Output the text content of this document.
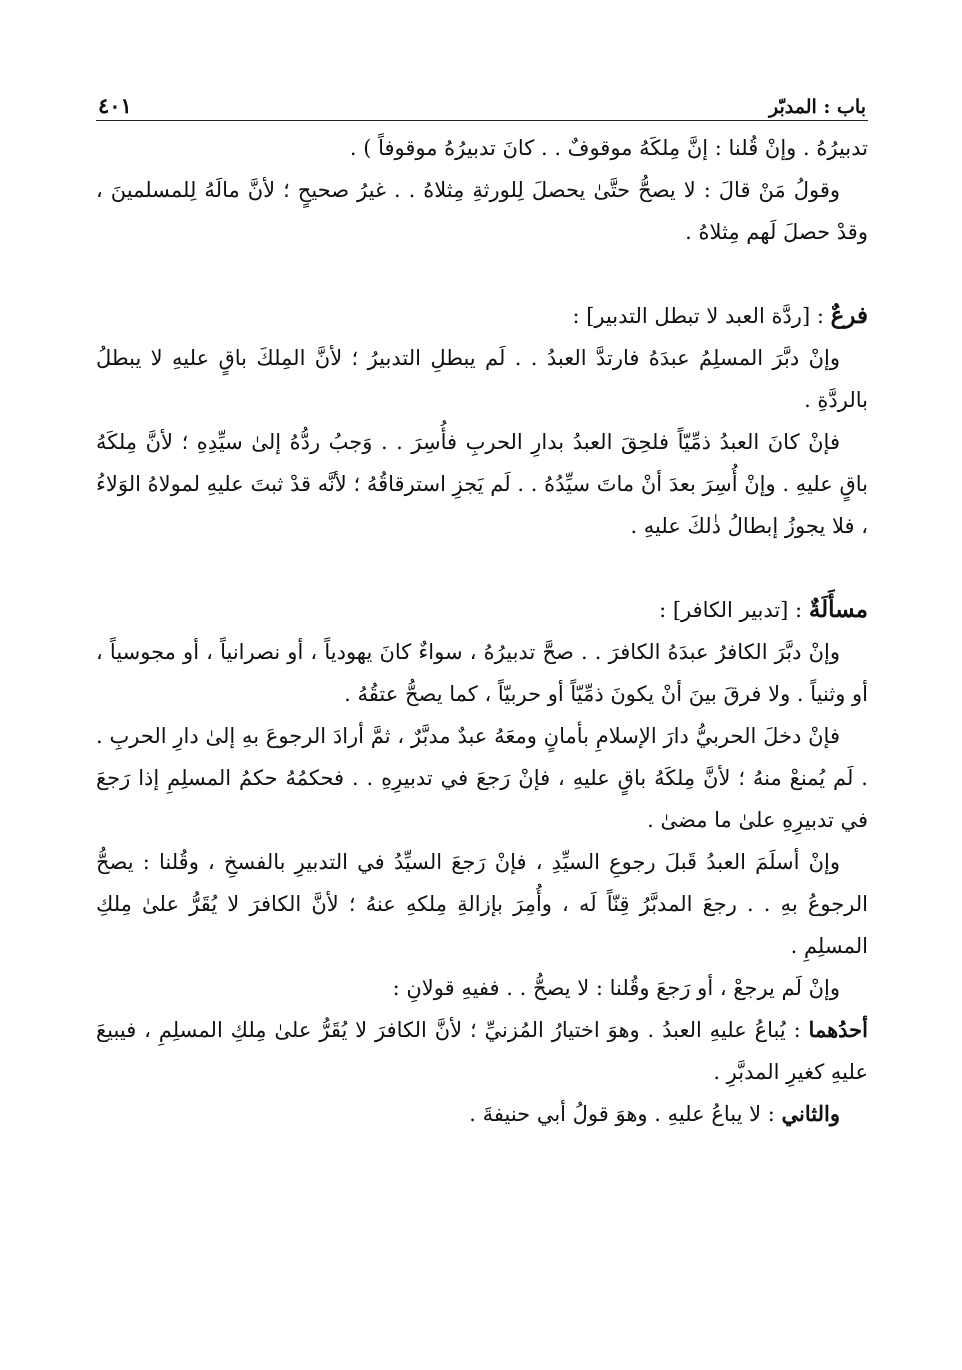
باب : المدبّر
٤٠١

تدبيرُهُ . وإنْ قُلنا : إنَّ مِلكَهُ موقوفٌ . . كانَ تدبيرُهُ موقوفاً ) .

وقولُ مَنْ قالَ : لا يصحُّ حتَّىٰ يحصلَ لِلورثةِ مِثلاهُ . . غيرُ صحيحٍ ؛ لأنَّ مالَهُ لِلمسلمينَ ، وقدْ حصلَ لَهم مِثلاهُ .

فرعٌ : [ردَّة العبد لا تبطل التدبير] :

وإنْ دبَّرَ المسلِمُ عبدَهُ فارتدَّ العبدُ . . لَم يبطلِ التدبيرُ ؛ لأنَّ المِلكَ باقٍ عليهِ لا يبطلُ بالردَّةِ .

فإنْ كانَ العبدُ ذمِّيّاً فلحِقَ العبدُ بدارِ الحربِ فأُسِرَ . . وَجبُ ردُّهُ إلىٰ سيِّدِهِ ؛ لأنَّ مِلكَهُ باقٍ عليهِ . وإنْ أُسِرَ بعدَ أنْ ماتَ سيِّدُهُ . . لَم يَجزِ استرقاقُهُ ؛ لأنَّه قدْ ثبتَ عليهِ لمولاهُ الوَلاءُ ، فلا يجوزُ إبطالُ ذٰلكَ عليهِ .

مسأَلَةٌ : [تدبير الكافر] :

وإنْ دبَّرَ الكافرُ عبدَهُ الكافرَ . . صحَّ تدبيرُهُ ، سواءٌ كانَ يهودياً ، أو نصرانياً ، أو مجوسياً ، أو وثنياً . ولا فرقَ بينَ أنْ يكونَ ذمِّيّاً أو حربيّاً ، كما يصحُّ عتقُهُ .

فإنْ دخلَ الحربيُّ دارَ الإسلامِ بأمانٍ ومعَهُ عبدٌ مدبَّرٌ ، ثمَّ أرادَ الرجوعَ بهِ إلىٰ دارِ الحربِ . . لَم يُمنعْ منهُ ؛ لأنَّ مِلكَهُ باقٍ عليهِ ، فإنْ رَجعَ في تدبيرِهِ . . فحكمُهُ حكمُ المسلِمِ إذا رَجعَ في تدبيرِهِ علىٰ ما مضىٰ .

وإنْ أسلَمَ العبدُ قَبلَ رجوعِ السيِّدِ ، فإنْ رَجعَ السيِّدُ في التدبيرِ بالفسخِ ، وقُلنا : يصحُّ الرجوعُ بهِ . . رجعَ المدبَّرُ قِنّاً لَه ، وأُمِرَ بإزالةِ مِلكهِ عنهُ ؛ لأنَّ الكافرَ لا يُقَرُّ علىٰ مِلكِ المسلِمِ .

وإنْ لَم يرجعْ ، أو رَجعَ وقُلنا : لا يصحُّ . . ففيهِ قولانِ :

أحدُهما : يُباعُ عليهِ العبدُ . وهوَ اختيارُ المُزنيِّ ؛ لأنَّ الكافرَ لا يُقَرُّ علىٰ مِلكِ المسلِمِ ، فيبيعَ عليهِ كغيرِ المدبَّرِ .

والثاني : لا يباعُ عليهِ . وهوَ قولُ أبي حنيفةَ .
